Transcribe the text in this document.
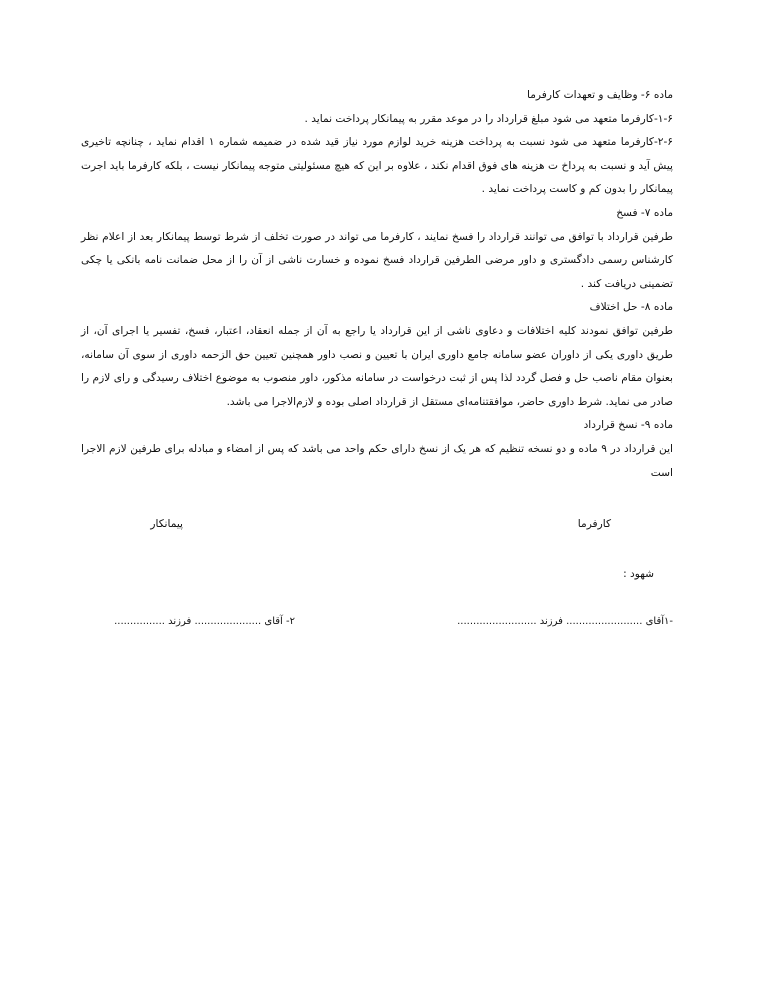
ماده ۶- وظایف و تعهدات کارفرما

۱-۶-کارفرما متعهد می شود مبلغ قرارداد را در موعد مقرر به پیمانکار پرداخت نماید .

۲-۶-کارفرما متعهد می شود نسبت به پرداخت هزینه خرید لوازم مورد نیاز قید شده در ضمیمه شماره ۱ اقدام نماید ، چنانچه تاخیری پیش آید و نسبت به پرداخ ت هزینه های فوق اقدام نکند ، علاوه بر این که هیچ مسئولیتی متوجه پیمانکار نیست ، بلکه کارفرما باید اجرت پیمانکار را بدون کم و کاست پرداخت نماید .

ماده ۷- فسخ

طرفین قرارداد با توافق می توانند قرارداد را فسخ نمایند ، کارفرما می تواند در صورت تخلف از شرط توسط پیمانکار بعد از اعلام نظر کارشناس رسمی دادگستری و داور مرضی الطرفین قرارداد فسخ نموده و خسارت ناشی از آن را از محل ضمانت نامه بانکی یا چکی تضمینی دریافت کند .

ماده ۸- حل اختلاف

طرفین توافق نمودند کلیه اختلافات و دعاوی ناشی از این قرارداد یا راجع به آن از جمله انعقاد، اعتبار، فسخ، تفسیر یا اجرای آن، از طریق داوری یکی از داوران عضو سامانه جامع داوری ایران با تعیین و نصب داور همچنین تعیین حق الزحمه داوری از سوی آن سامانه، بعنوان مقام ناصب حل و فصل گردد لذا پس از ثبت درخواست در سامانه مذکور، داور منصوب به موضوع اختلاف رسیدگی و رای لازم را صادر می نماید. شرط داوری حاضر، موافقتنامه‌ای مستقل از قرارداد اصلی بوده و لازم‌الاجرا می باشد.

ماده ۹- نسخ قرارداد

این قرارداد در ۹ ماده و دو نسخه تنظیم که هر یک از نسخ دارای حکم واحد می باشد که پس از امضاء و مبادله برای طرفین لازم الاجرا است

کارفرما
پیمانکار
شهود :
-۱آقای ........................ فرزند .........................
۲- آقای ..................... فرزند ................
